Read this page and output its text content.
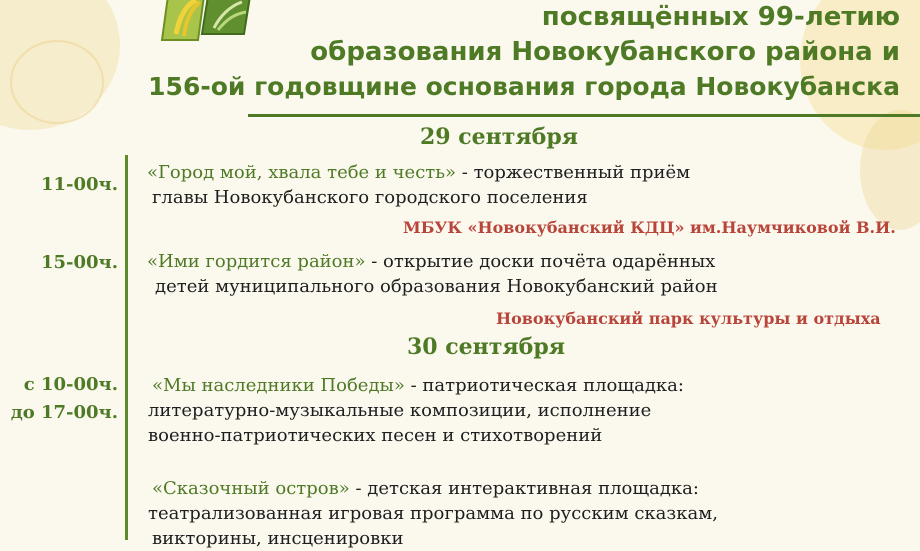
посвящённых 99-летию
образования Новокубанского района и
156-ой годовщине основания города Новокубанска
29 сентября
11-00ч.
«Город мой, хвала тебе и честь» - торжественный приём
главы Новокубанского городского поселения
МБУК «Новокубанский КДЦ» им.Наумчиковой В.И.
15-00ч. «Ими гордится район» - открытие доски почёта одарённых
детей муниципального образования Новокубанский район
Новокубанский парк культуры и отдыха
30 сентября
с 10-00ч.
до 17-00ч.
«Мы наследники Победы» - патриотическая площадка:
литературно-музыкальные композиции, исполнение
военно-патриотических песен и стихотворений
«Сказочный остров» - детская интерактивная площадка:
театрализованная игровая программа по русским сказкам,
викторины, инсценировки
